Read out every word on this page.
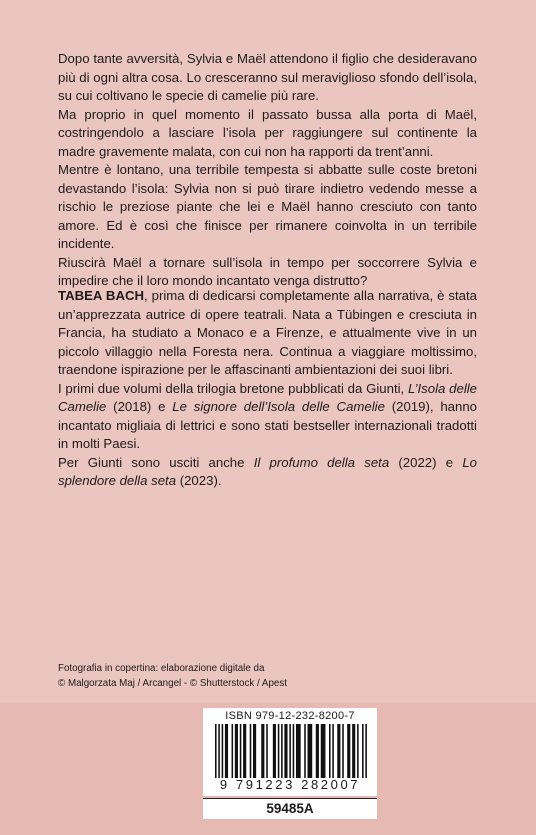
Dopo tante avversità, Sylvia e Maël attendono il figlio che desideravano più di ogni altra cosa. Lo cresceranno sul meraviglioso sfondo dell’isola, su cui coltivano le specie di camelie più rare.

Ma proprio in quel momento il passato bussa alla porta di Maël, costringendolo a lasciare l’isola per raggiungere sul continente la madre gravemente malata, con cui non ha rapporti da trent’anni.

Mentre è lontano, una terribile tempesta si abbatte sulle coste bretoni devastando l’isola: Sylvia non si può tirare indietro vedendo messe a rischio le preziose piante che lei e Maël hanno cresciuto con tanto amore. Ed è così che finisce per rimanere coinvolta in un terribile incidente.

Riuscirà Maël a tornare sull’isola in tempo per soccorrere Sylvia e impedire che il loro mondo incantato venga distrutto?

TABEA BACH, prima di dedicarsi completamente alla narrativa, è stata un’apprezzata autrice di opere teatrali. Nata a Tübingen e cresciuta in Francia, ha studiato a Monaco e a Firenze, e attualmente vive in un piccolo villaggio nella Foresta nera. Continua a viaggiare moltissimo, traendone ispirazione per le affascinanti ambientazioni dei suoi libri.

I primi due volumi della trilogia bretone pubblicati da Giunti, L’Isola delle Camelie (2018) e Le signore dell’Isola delle Camelie (2019), hanno incantato migliaia di lettrici e sono stati bestseller internazionali tradotti in molti Paesi.

Per Giunti sono usciti anche Il profumo della seta (2022) e Lo splendore della seta (2023).

Fotografia in copertina: elaborazione digitale da

© Malgorzata Maj / Arcangel - © Shutterstock / Apest

ISBN 979-12-232-8200-7
9 791223 282007
59485A
